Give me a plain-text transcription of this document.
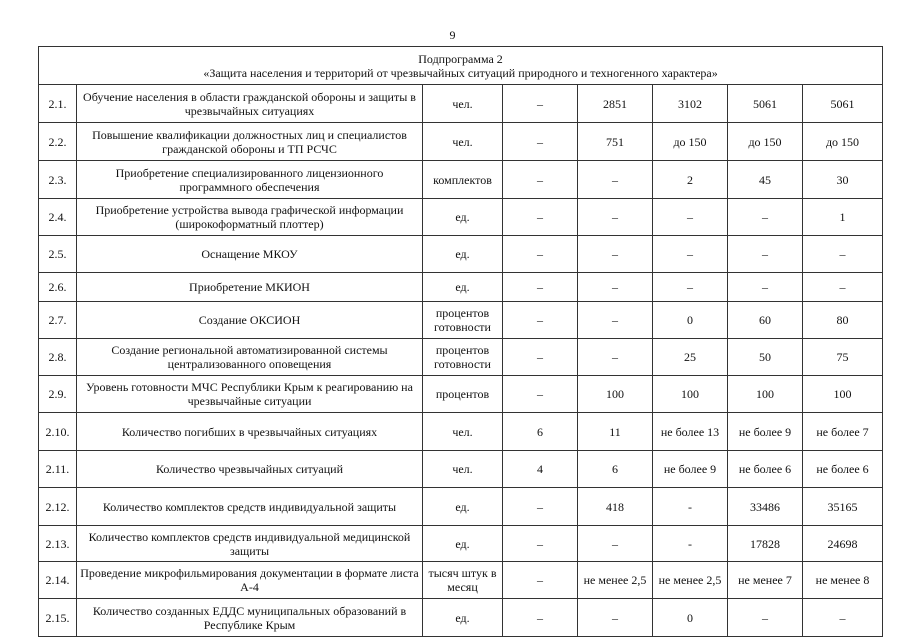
9
Подпрограмма 2
«Защита населения и территорий от чрезвычайных ситуаций природного и техногенного характера»							

2.1.	Обучение населения в области гражданской обороны и защиты в чрезвычайных ситуациях	чел.	–	2851	3102	5061	5061
2.2.	Повышение квалификации должностных лиц и специалистов гражданской обороны и ТП РСЧС	чел.	–	751	до 150	до 150	до 150
2.3.	Приобретение специализированного лицензионного программного обеспечения	комплектов	–	–	2	45	30
2.4.	Приобретение устройства вывода графической информации (широкоформатный плоттер)	ед.	–	–	–	–	1
2.5.	Оснащение МКОУ	ед.	–	–	–	–	–
2.6.	Приобретение МКИОН	ед.	–	–	–	–	–
2.7.	Создание ОКСИОН	процентов готовности	–	–	0	60	80
2.8.	Создание региональной автоматизированной системы централизованного оповещения	процентов готовности	–	–	25	50	75
2.9.	Уровень готовности МЧС Республики Крым к реагированию на чрезвычайные ситуации	процентов	–	100	100	100	100
2.10.	Количество погибших в чрезвычайных ситуациях	чел.	6	11	не более 13	не более 9	не более 7
2.11.	Количество чрезвычайных ситуаций	чел.	4	6	не более 9	не более 6	не более 6
2.12.	Количество комплектов средств индивидуальной защиты	ед.	–	418	-	33486	35165
2.13.	Количество комплектов средств индивидуальной медицинской защиты	ед.	–	–	-	17828	24698
2.14.	Проведение микрофильмирования документации в формате листа А-4	тысяч штук в месяц	–	не менее 2,5	не менее 2,5	не менее 7	не менее 8
2.15.	Количество созданных ЕДДС муниципальных образований в Республике Крым	ед.	–	–	0	–	–
